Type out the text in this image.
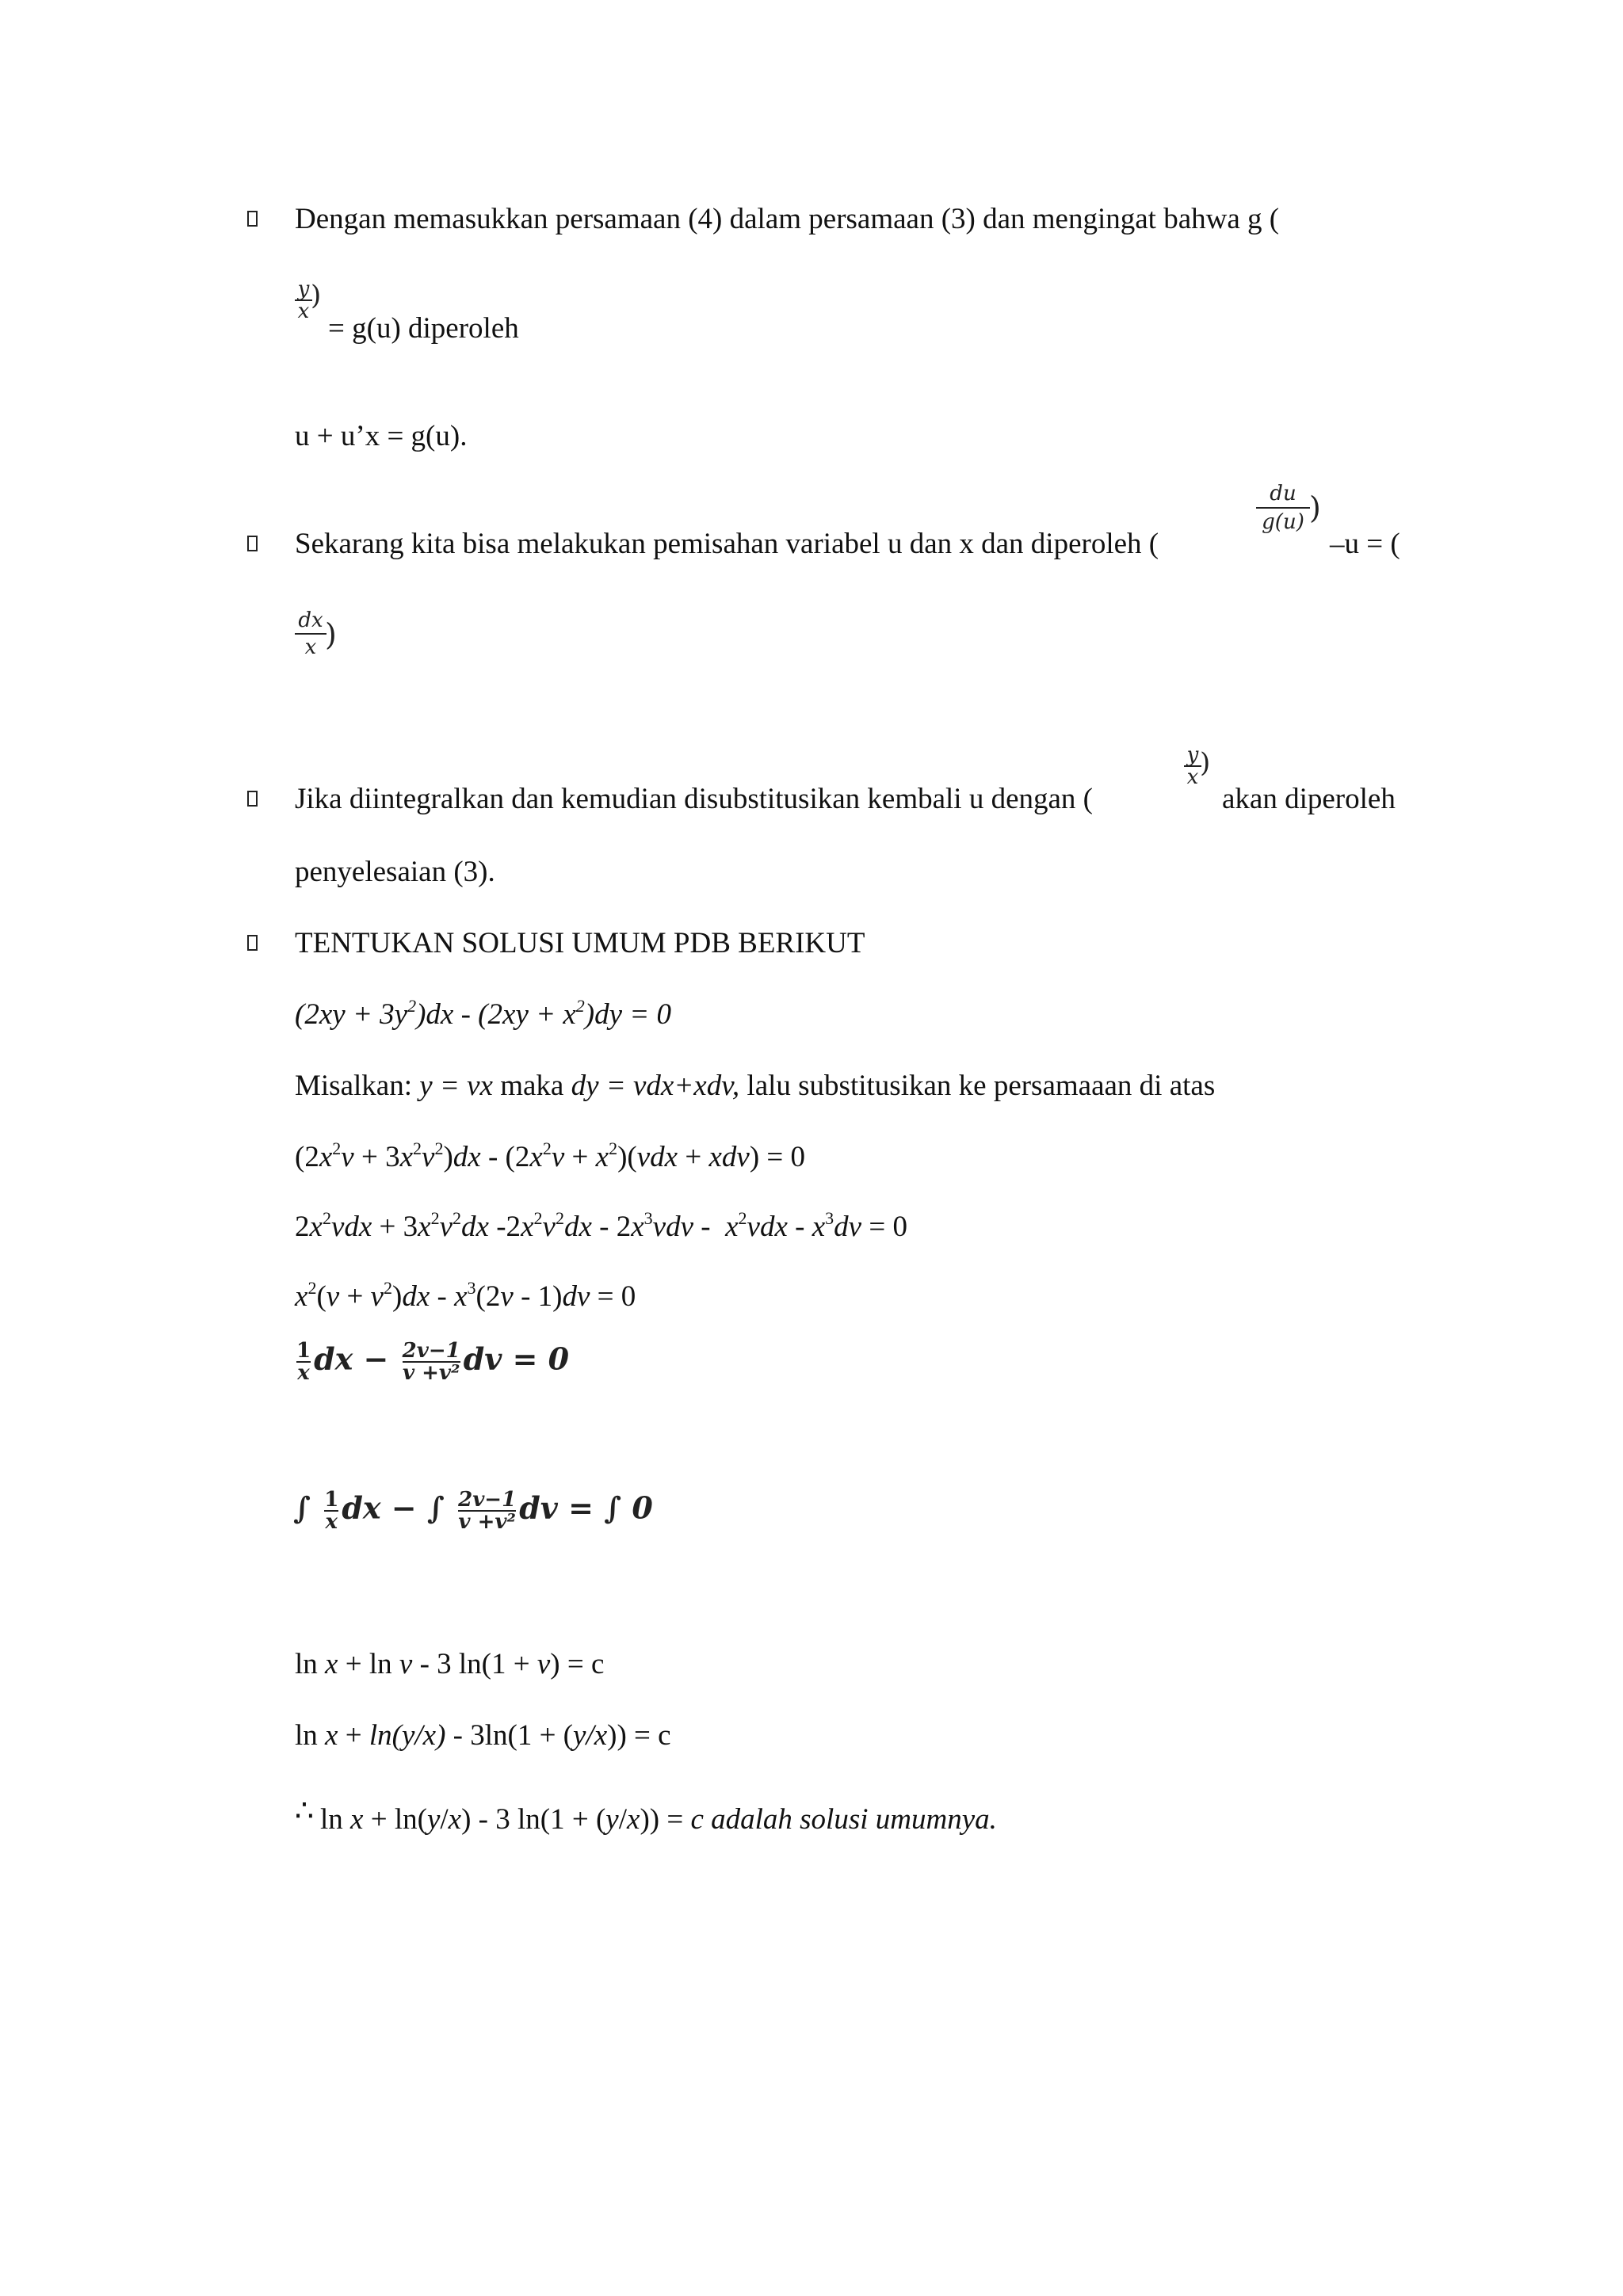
Dengan memasukkan persamaan (4) dalam persamaan (3) dan mengingat bahwa g (
y
x )
= g(u) diperoleh
u + u’x = g(u).
Sekarang kita bisa melakukan pemisahan variabel u dan x dan diperoleh (
du
g(u) )
–u = (
dx
x )
Jika diintegralkan dan kemudian disubstitusikan kembali u dengan (
y
x )
akan diperoleh
penyelesaian (3).
TENTUKAN SOLUSI UMUM PDB BERIKUT
$(2xy + 3y^2)dx - (2xy + x^2)dy = 0$
Misalkan: y = vx maka dy = vdx+xdv, lalu substitusikan ke persamaaan di atas
$(2x^2v + 3x^2v^2)dx - (2x^2v + x^2)(vdx + xdv) = 0$
$2x^2vdx + 3x^2v^2dx$ $-2x^2v^2dx - 2x^3vdv - x^2vdx - x^3dv = 0$
$x^2(v + v^2)dx - x^3(2v - 1)dv = 0$
$\frac{1}{x}$ dx − $\frac{2v-1}{\text{v +v²}}$ dv = 0
∫ $\frac{1}{x}$ dx − ∫ $\frac{2v-1}{\text{v +v²}}$ dv = ∫ 0
ln x + ln v - 3 ln(1 + v) = c
ln x + ln(y/x) - 3ln(1 + (y/x)) = c
∴ ln x + ln(y/x) - 3 ln(1 + (y/x)) = c adalah solusi umumnya.
